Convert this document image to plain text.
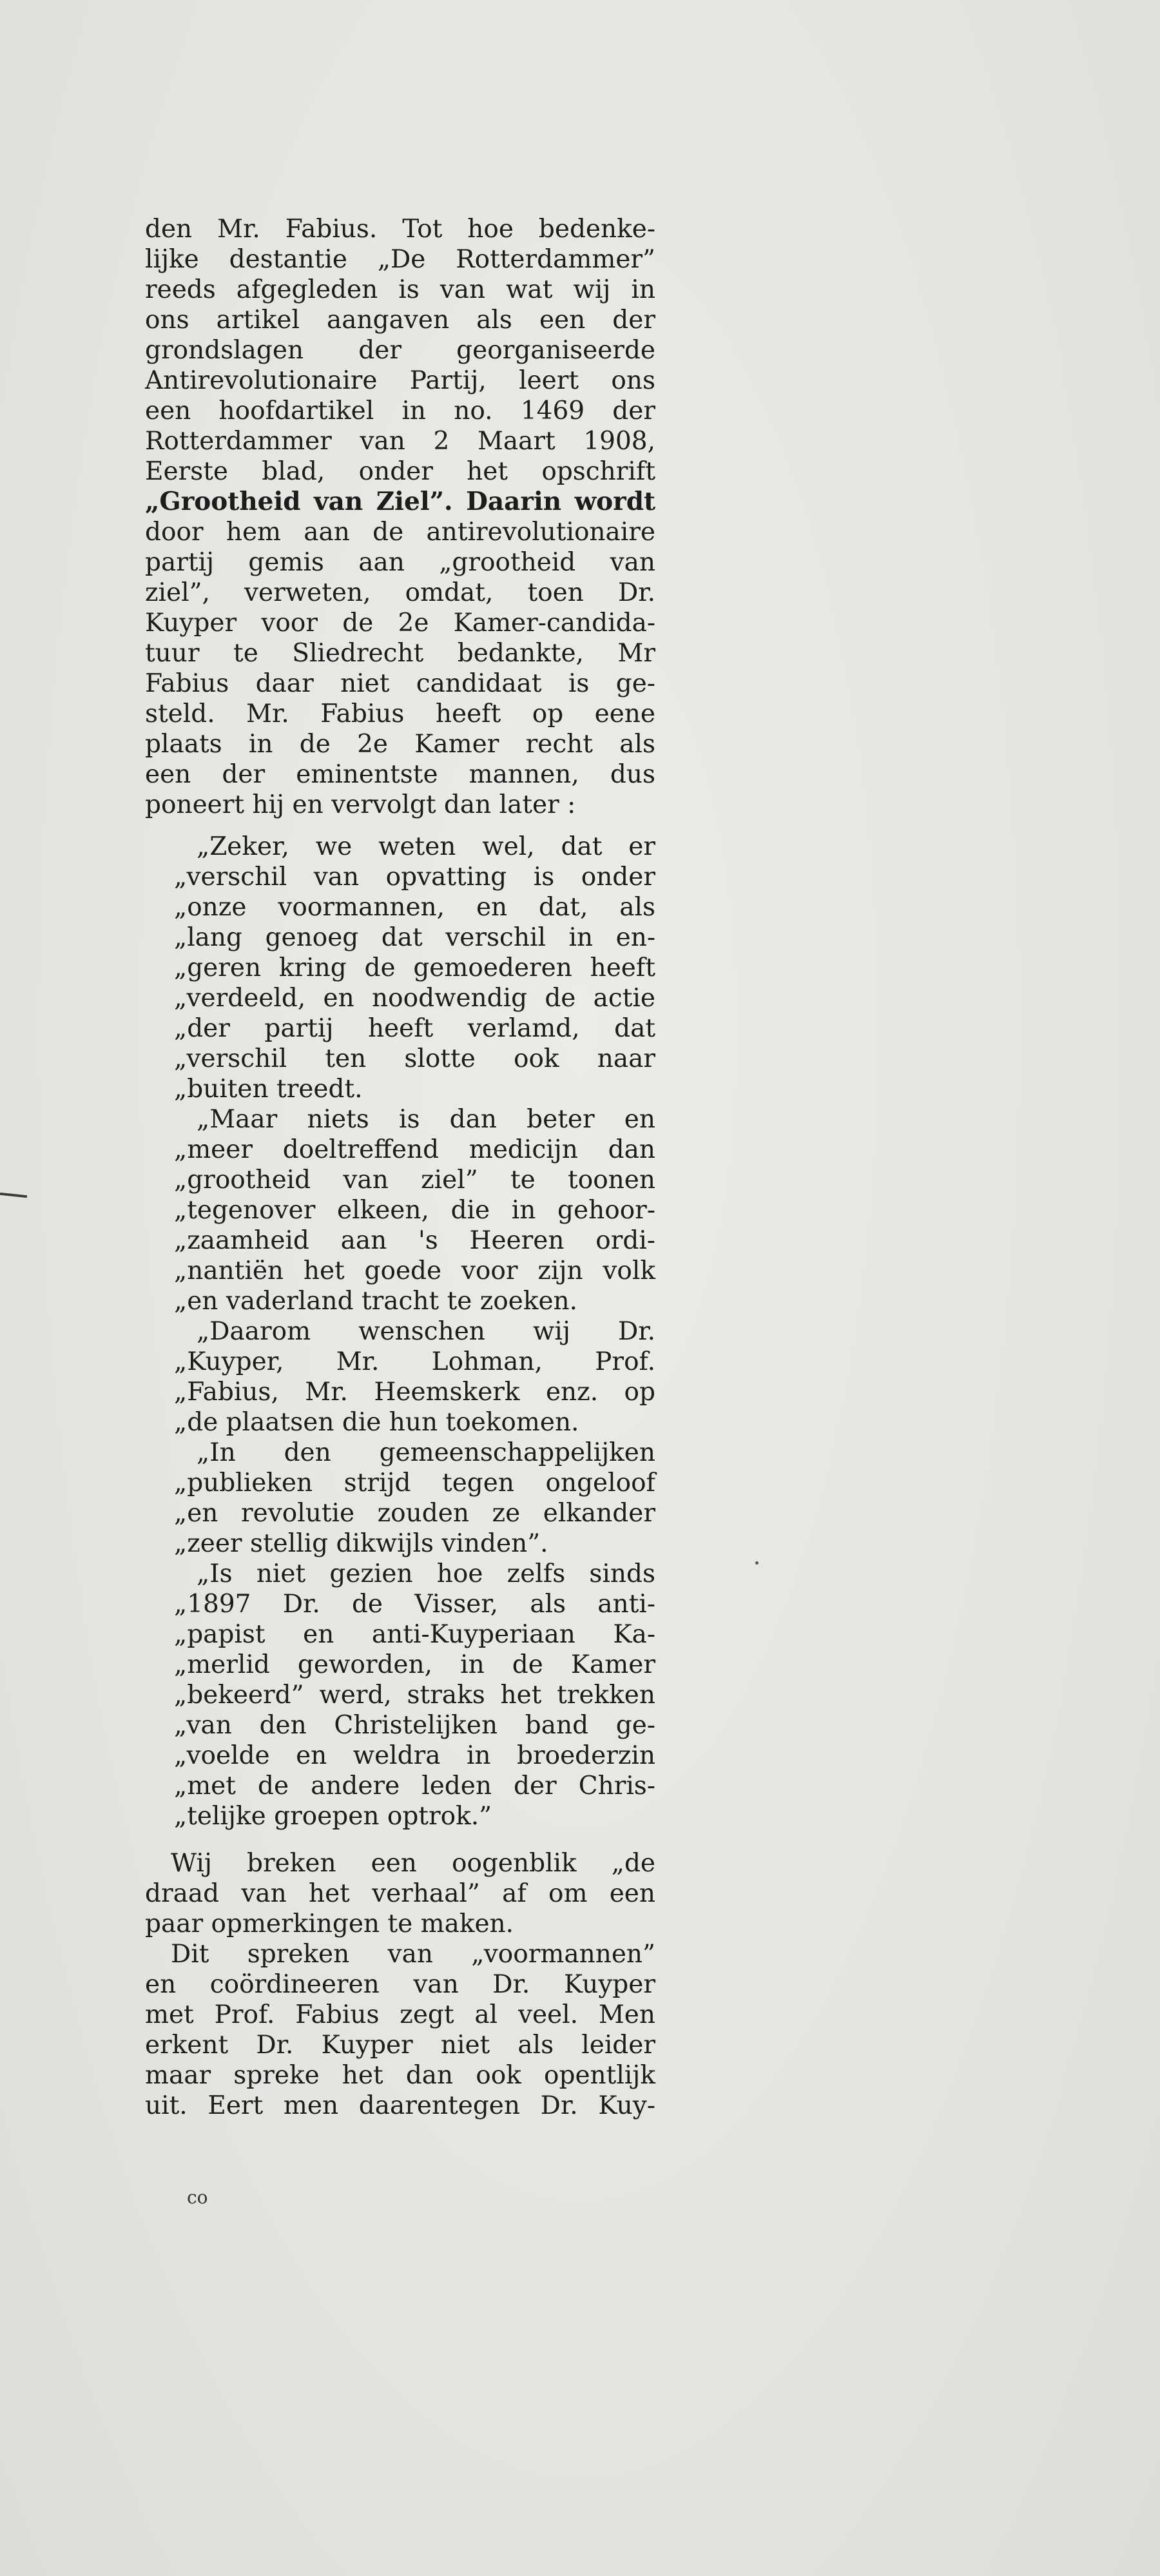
den Mr. Fabius. Tot hoe bedenke-
lijke destantie „De Rotterdammer”
reeds afgegleden is van wat wij in
ons artikel aangaven als een der
grondslagen der georganiseerde
Antirevolutionaire Partij, leert ons
een hoofdartikel in no. 1469 der
Rotterdammer van 2 Maart 1908,
Eerste blad, onder het opschrift
„Grootheid van Ziel”. Daarin wordt
door hem aan de antirevolutionaire
partij gemis aan „grootheid van
ziel”, verweten, omdat, toen Dr.
Kuyper voor de 2e Kamer-candida-
tuur te Sliedrecht bedankte, Mr
Fabius daar niet candidaat is ge-
steld. Mr. Fabius heeft op eene
plaats in de 2e Kamer recht als
een der eminentste mannen, dus
poneert hij en vervolgt dan later :
„Zeker, we weten wel, dat er
„verschil van opvatting is onder
„onze voormannen, en dat, als
„lang genoeg dat verschil in en-
„geren kring de gemoederen heeft
„verdeeld, en noodwendig de actie
„der partij heeft verlamd, dat
„verschil ten slotte ook naar
„buiten treedt.
„Maar niets is dan beter en
„meer doeltreffend medicijn dan
„grootheid van ziel” te toonen
„tegenover elkeen, die in gehoor-
„zaamheid aan 's Heeren ordi-
„nantiën het goede voor zijn volk
„en vaderland tracht te zoeken.
„Daarom wenschen wij Dr.
„Kuyper, Mr. Lohman, Prof.
„Fabius, Mr. Heemskerk enz. op
„de plaatsen die hun toekomen.
„In den gemeenschappelijken
„publieken strijd tegen ongeloof
„en revolutie zouden ze elkander
„zeer stellig dikwijls vinden”.
„Is niet gezien hoe zelfs sinds
„1897 Dr. de Visser, als anti-
„papist en anti-Kuyperiaan Ka-
„merlid geworden, in de Kamer
„bekeerd” werd, straks het trekken
„van den Christelijken band ge-
„voelde en weldra in broederzin
„met de andere leden der Chris-
„telijke groepen optrok.”
Wij breken een oogenblik „de
draad van het verhaal” af om een
paar opmerkingen te maken.
Dit spreken van „voormannen”
en coördineeren van Dr. Kuyper
met Prof. Fabius zegt al veel. Men
erkent Dr. Kuyper niet als leider
maar spreke het dan ook opentlijk
uit. Eert men daarentegen Dr. Kuy-
co
